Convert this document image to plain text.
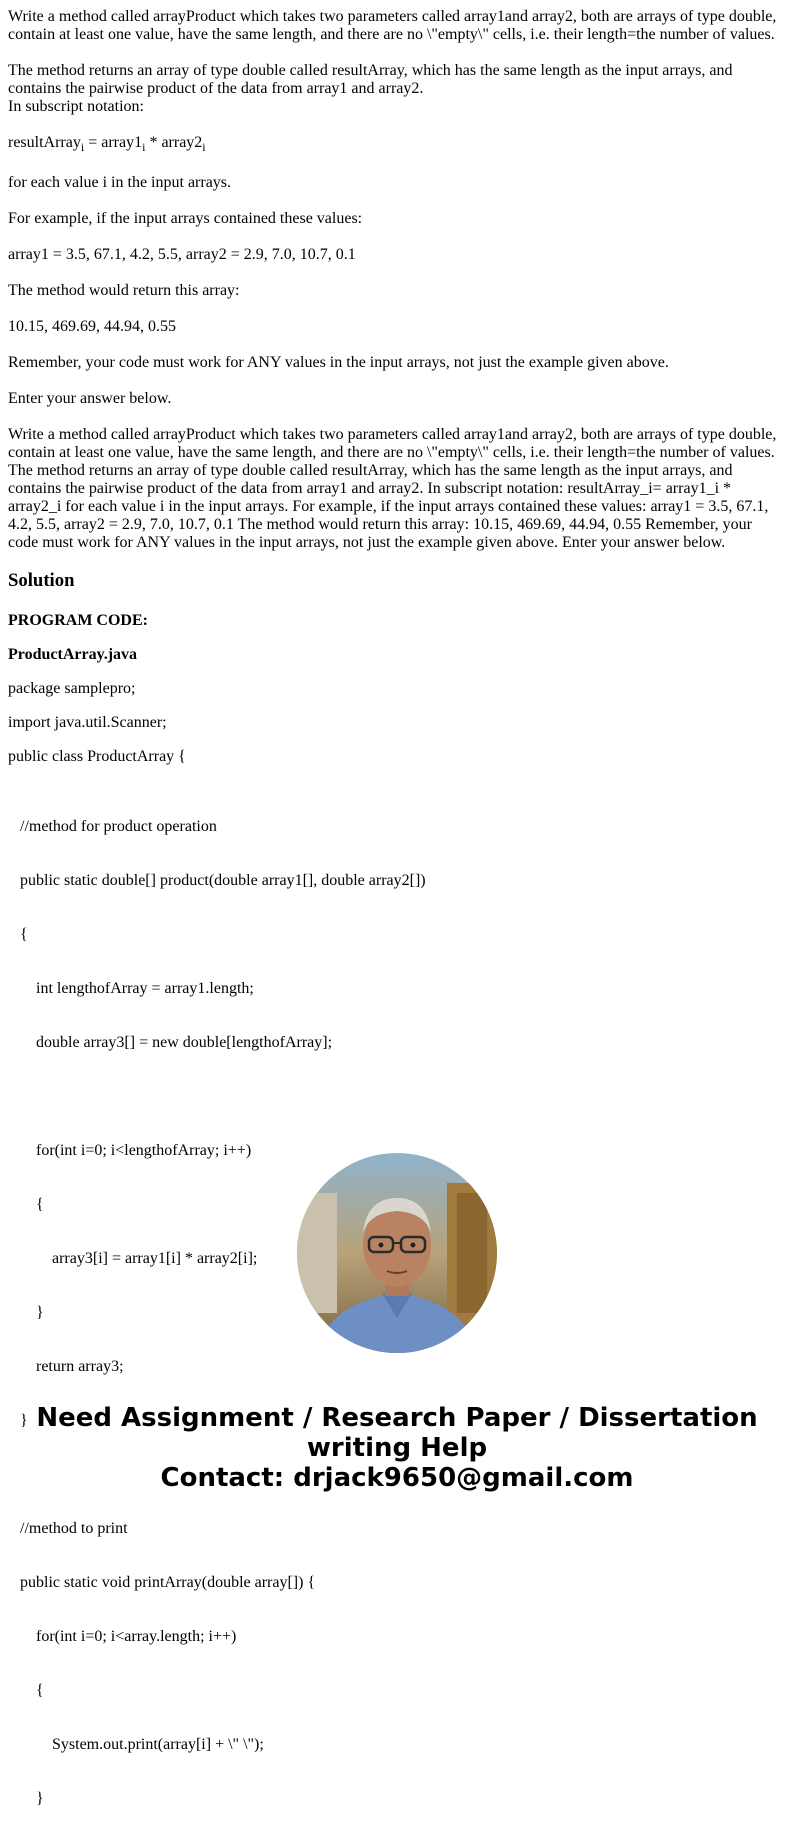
Write a method called arrayProduct which takes two parameters called array1and array2, both are arrays of type double, contain at least one value, have the same length, and there are no \"empty\" cells, i.e. their length=the number of values.

The method returns an array of type double called resultArray, which has the same length as the input arrays, and contains the pairwise product of the data from array1 and array2.
In subscript notation:
resultArray$_i$ = $array1_i$ * $array2_i$

for each value i in the input arrays.

For example, if the input arrays contained these values:

array1 = 3.5, 67.1, 4.2, 5.5, array2 = 2.9, 7.0, 10.7, 0.1

The method would return this array:

10.15, 469.69, 44.94, 0.55

Remember, your code must work for ANY values in the input arrays, not just the example given above.

Enter your answer below.

Write a method called arrayProduct which takes two parameters called array1and array2, both are arrays of type double, contain at least one value, have the same length, and there are no \"empty\" cells, i.e. their length=the number of values. The method returns an array of type double called resultArray, which has the same length as the input arrays, and contains the pairwise product of the data from array1 and array2. In subscript notation: resultArray_i= array1_i * array2_i for each value i in the input arrays. For example, if the input arrays contained these values: array1 = 3.5, 67.1, 4.2, 5.5, array2 = 2.9, 7.0, 10.7, 0.1 The method would return this array: 10.15, 469.69, 44.94, 0.55 Remember, your code must work for ANY values in the input arrays, not just the example given above. Enter your answer below.

Solution

PROGRAM CODE:

ProductArray.java

package samplepro;

import java.util.Scanner;

public class ProductArray {

//method for product operation

public static double[] product(double array1[], double array2[])

{

int lengthofArray = array1.length;

double array3[] = new double[lengthofArray];

for(int i=0; i<lengthofArray; i++)

{

array3[i] = array1[i] * array2[i];

}

return array3;

}

//method to print

public static void printArray(double array[]) {

for(int i=0; i<array.length; i++)

{

System.out.print(array[i] + \" \");

}

Need Assignment / Research Paper / Dissertation
writing Help
Contact: drjack9650@gmail.com
